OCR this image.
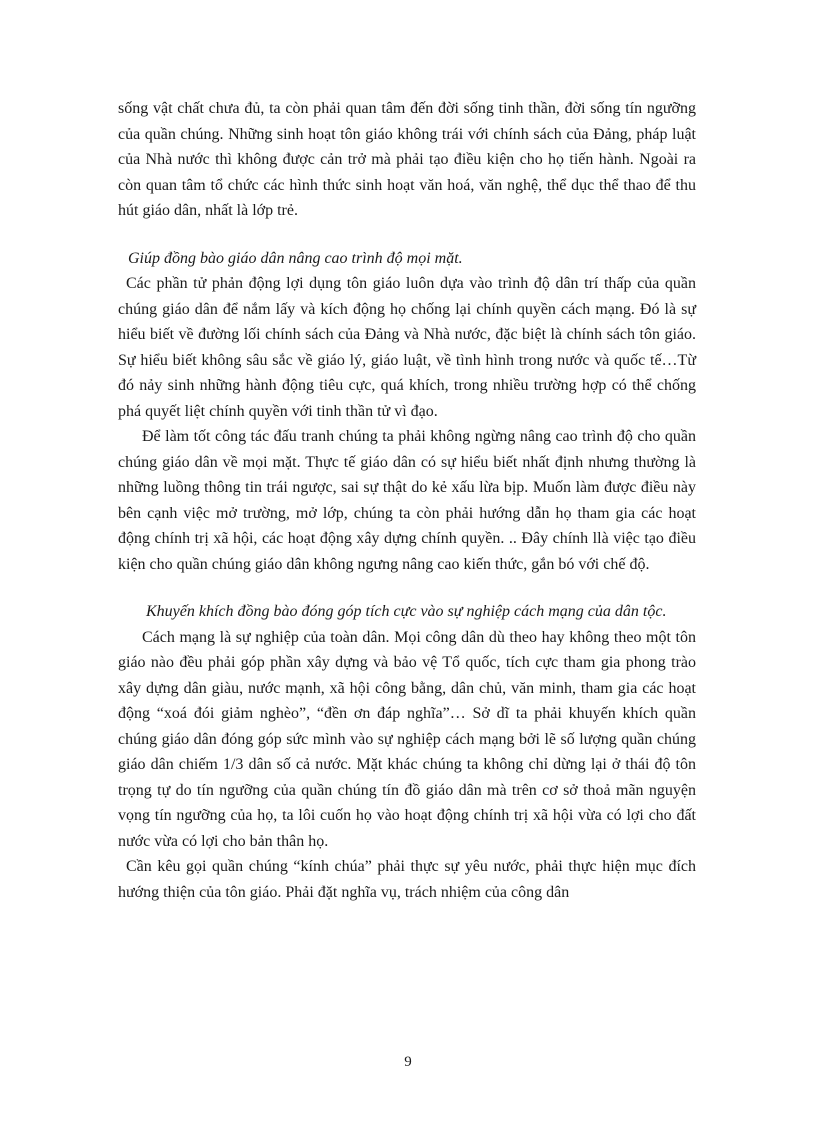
sống vật chất chưa đủ, ta còn phải quan tâm đến đời sống tinh thần, đời sống tín ngưỡng của quần chúng. Những sinh hoạt tôn giáo không trái với chính sách của Đảng, pháp luật của Nhà nước thì không được cản trở mà phải tạo điều kiện cho họ tiến hành. Ngoài ra còn quan tâm tổ chức các hình thức sinh hoạt văn hoá, văn nghệ, thể dục thể thao để thu hút giáo dân, nhất là lớp trẻ.

Giúp đồng bào giáo dân nâng cao trình độ mọi mặt.

Các phần tử phản động lợi dụng tôn giáo luôn dựa vào trình độ dân trí thấp của quần chúng giáo dân để nắm lấy và kích động họ chống lại chính quyền cách mạng. Đó là sự hiểu biết về đường lối chính sách của Đảng và Nhà nước, đặc biệt là chính sách tôn giáo. Sự hiểu biết không sâu sắc về giáo lý, giáo luật, về tình hình trong nước và quốc tế…Từ đó nảy sinh những hành động tiêu cực, quá khích, trong nhiều trường hợp có thể chống phá quyết liệt chính quyền với tinh thần tử vì đạo.

Để làm tốt công tác đấu tranh chúng ta phải không ngừng nâng cao trình độ cho quần chúng giáo dân về mọi mặt. Thực tế giáo dân có sự hiểu biết nhất định nhưng thường là những luồng thông tin trái ngược, sai sự thật do kẻ xấu lừa bịp. Muốn làm được điều này bên cạnh việc mở trường, mở lớp, chúng ta còn phải hướng dẫn họ tham gia các hoạt động chính trị xã hội, các hoạt động xây dựng chính quyền. .. Đây chính llà việc tạo điều kiện cho quần chúng giáo dân không ngưng nâng cao kiến thức, gắn bó với chế độ.

Khuyến khích đồng bào đóng góp tích cực vào sự nghiệp cách mạng của dân tộc.

Cách mạng là sự nghiệp của toàn dân. Mọi công dân dù theo hay không theo một tôn giáo nào đều phải góp phần xây dựng và bảo vệ Tổ quốc, tích cực tham gia phong trào xây dựng dân giàu, nước mạnh, xã hội công bằng, dân chủ, văn minh, tham gia các hoạt động “xoá đói giảm nghèo”, “đền ơn đáp nghĩa”… Sở dĩ ta phải khuyến khích quần chúng giáo dân đóng góp sức mình vào sự nghiệp cách mạng bởi lẽ số lượng quần chúng giáo dân chiếm 1/3 dân số cả nước. Mặt khác chúng ta không chỉ dừng lại ở thái độ tôn trọng tự do tín ngưỡng của quần chúng tín đồ giáo dân mà trên cơ sở thoả mãn nguyện vọng tín ngưỡng của họ, ta lôi cuốn họ vào hoạt động chính trị xã hội vừa có lợi cho đất nước vừa có lợi cho bản thân họ.

Cần kêu gọi quần chúng “kính chúa” phải thực sự yêu nước, phải thực hiện mục đích hướng thiện của tôn giáo. Phải đặt nghĩa vụ, trách nhiệm của công dân

9
